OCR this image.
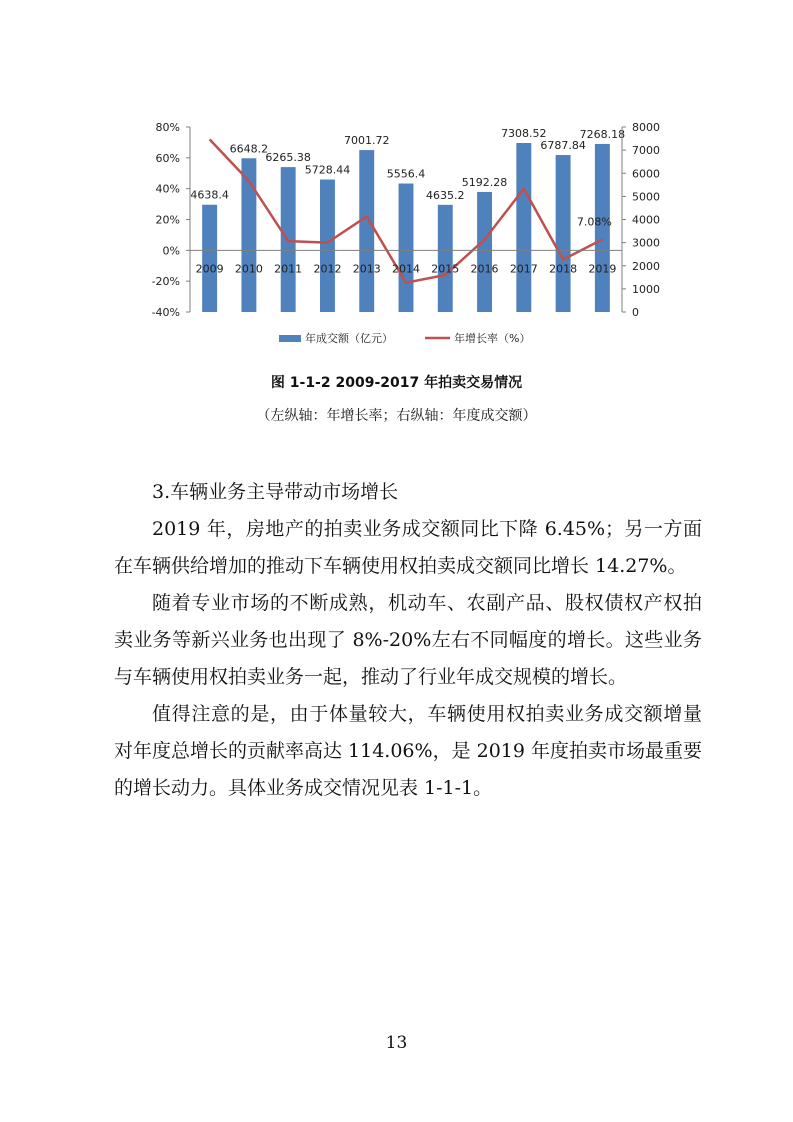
4638.4
6648.2
6265.38
5728.44
7001.72
5556.4
4635.2
5192.28
7308.52
6787.84
7268.18
7.08%
-40%
-20%
0%
20%
40%
60%
80%
0
1000
2000
3000
4000
5000
6000
7000
8000
2009 2010 2011 2012 2013 2014 2015 2016 2017 2018 2019
年成交额（亿元）	年增长率（%）
图 1-1-2 2009-2017 年拍卖交易情况
（左纵轴：年增长率；右纵轴：年度成交额）

3.车辆业务主导带动市场增长

2019 年，房地产的拍卖业务成交额同比下降 6.45%；另一方面在车辆供给增加的推动下车辆使用权拍卖成交额同比增长 14.27%。

随着专业市场的不断成熟，机动车、农副产品、股权债权产权拍卖业务等新兴业务也出现了 8%-20%左右不同幅度的增长。这些业务与车辆使用权拍卖业务一起，推动了行业年成交规模的增长。

值得注意的是，由于体量较大，车辆使用权拍卖业务成交额增量对年度总增长的贡献率高达 114.06%，是 2019 年度拍卖市场最重要的增长动力。具体业务成交情况见表 1-1-1。

13
